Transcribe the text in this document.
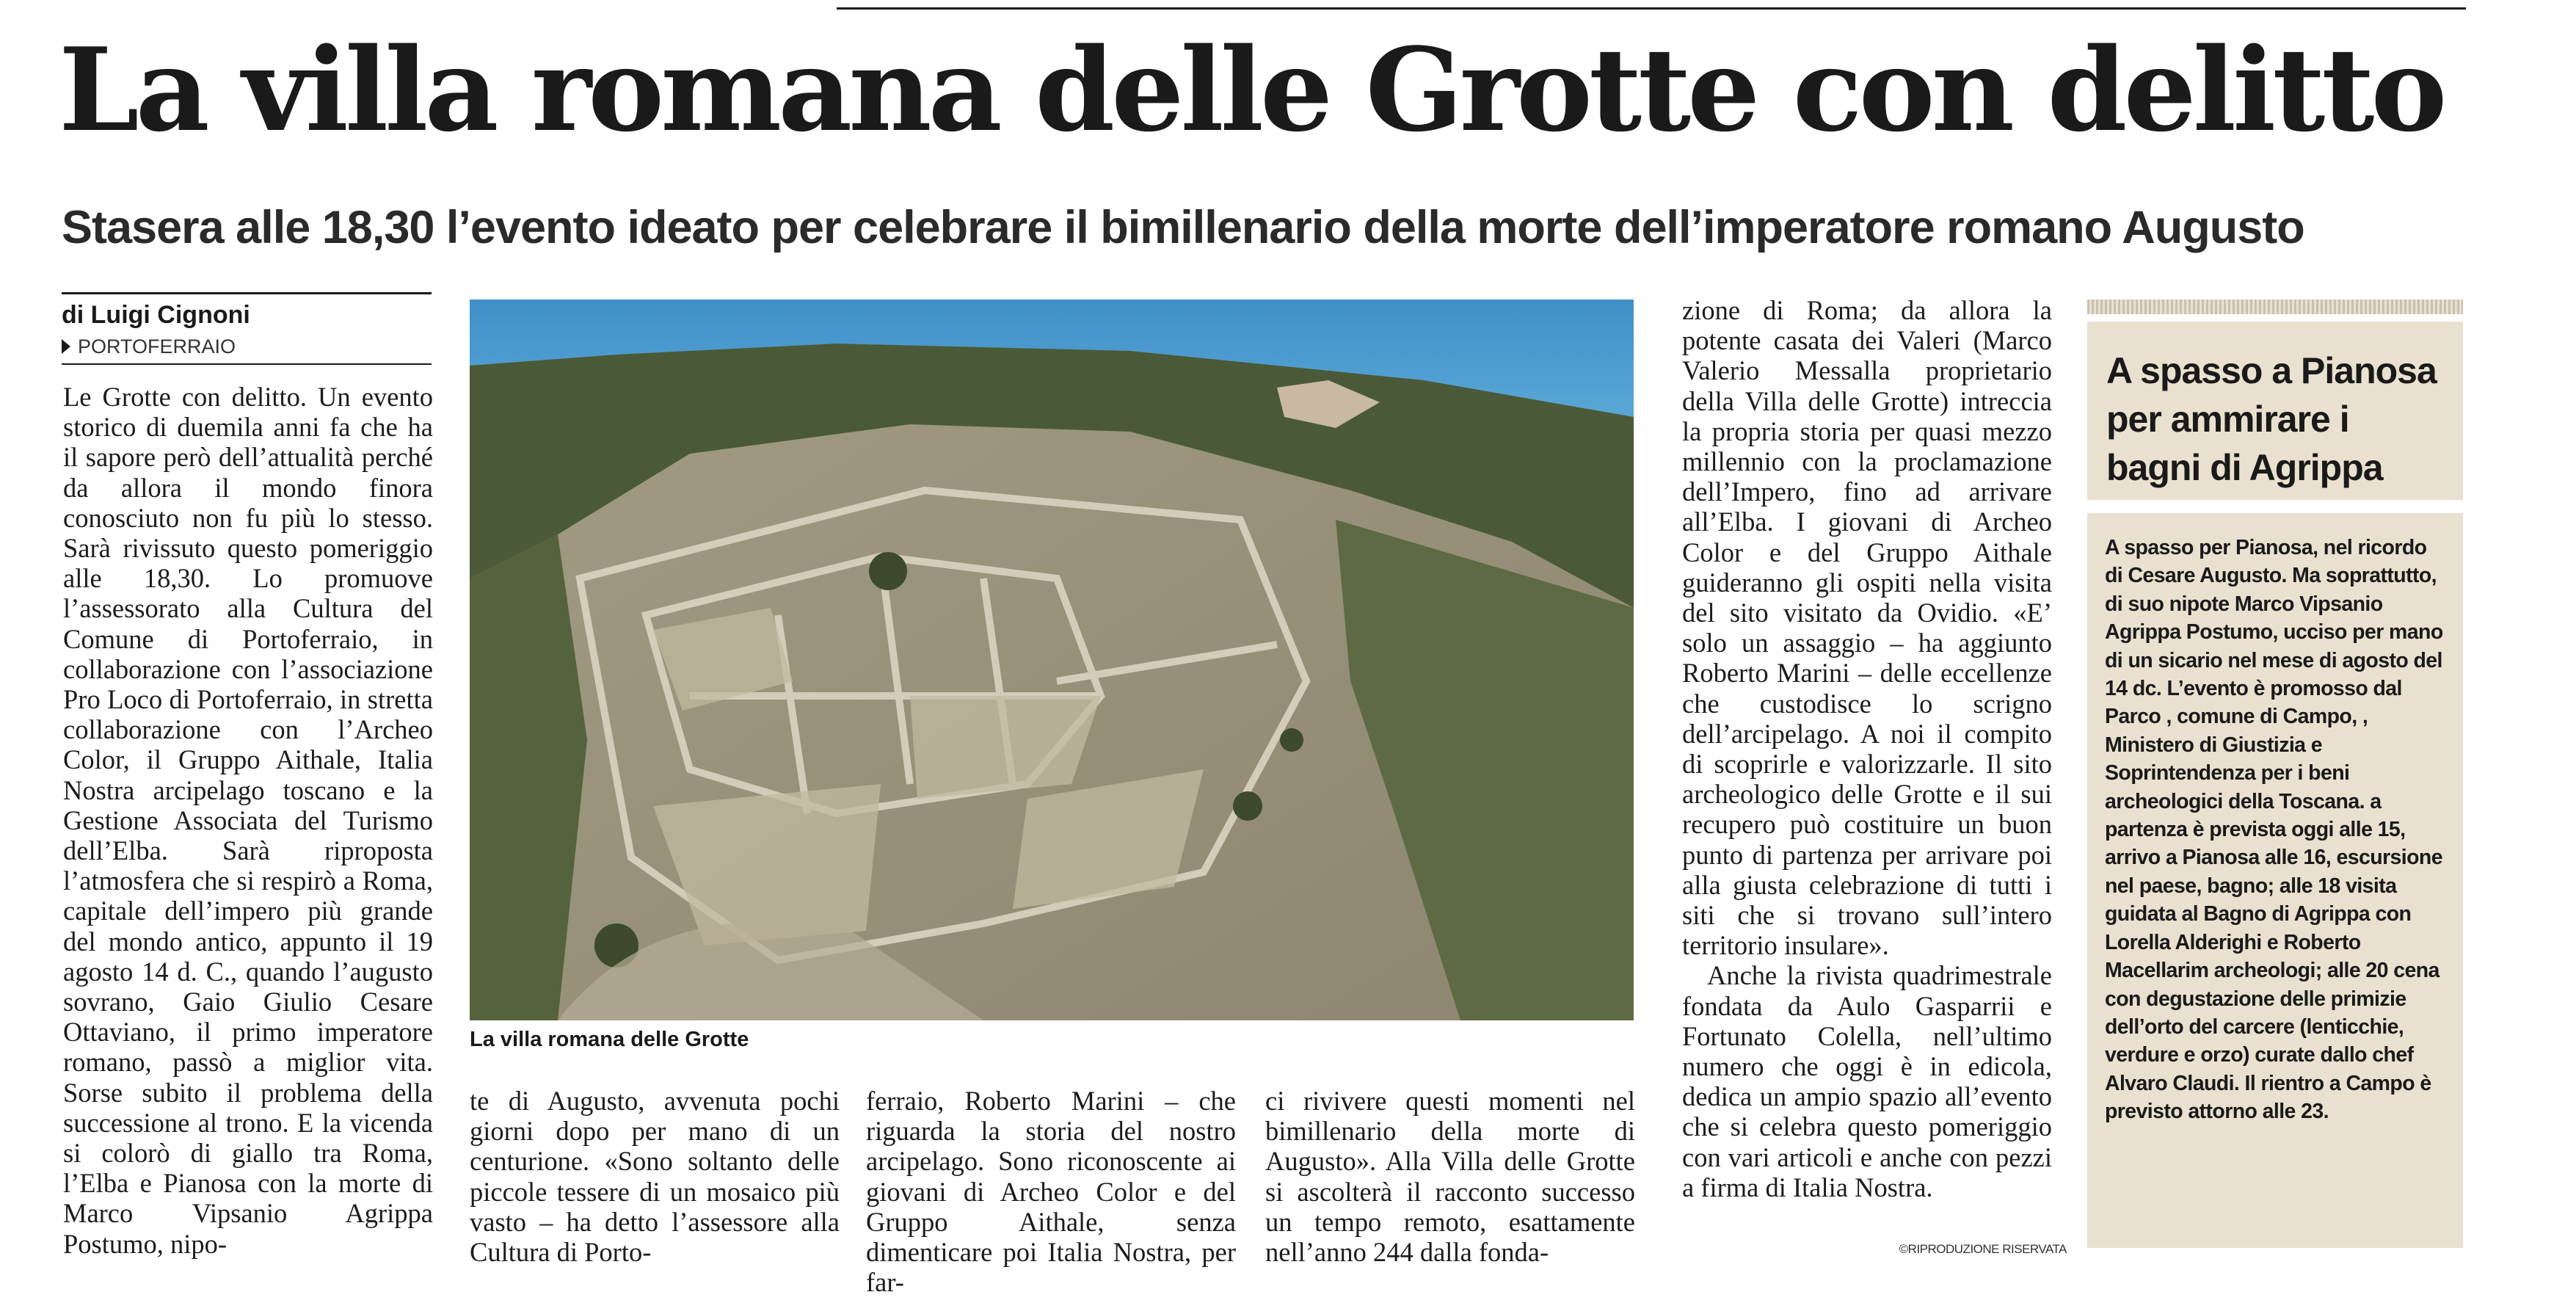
La villa romana delle Grotte con delitto
Stasera alle 18,30 l’evento ideato per celebrare il bimillenario della morte dell’imperatore romano Augusto
di Luigi Cignoni
PORTOFERRAIO

Le Grotte con delitto. Un evento storico di duemila anni fa che ha il sapore però dell’attualità perché da allora il mondo finora conosciuto non fu più lo stesso. Sarà rivissuto questo pomeriggio alle 18,30. Lo promuove l’assessorato alla Cultura del Comune di Portoferraio, in collaborazione con l’associazione Pro Loco di Portoferraio, in stretta collaborazione con l’Archeo Color, il Gruppo Aithale, Italia Nostra arcipelago toscano e la Gestione Associata del Turismo dell’Elba. Sarà riproposta l’atmosfera che si respirò a Roma, capitale dell’impero più grande del mondo antico, appunto il 19 agosto 14 d. C., quando l’augusto sovrano, Gaio Giulio Cesare Ottaviano, il primo imperatore romano, passò a miglior vita. Sorse subito il problema della successione al trono. E la vicenda si colorò di giallo tra Roma, l’Elba e Pianosa con la morte di Marco Vipsanio Agrippa Postumo, nipo-

La villa romana delle Grotte

te di Augusto, avvenuta pochi giorni dopo per mano di un centurione. «Sono soltanto delle piccole tessere di un mosaico più vasto – ha detto l’assessore alla Cultura di Porto-

ferraio, Roberto Marini – che riguarda la storia del nostro arcipelago. Sono riconoscente ai giovani di Archeo Color e del Gruppo Aithale, senza dimenticare poi Italia Nostra, per far-

ci rivivere questi momenti nel bimillenario della morte di Augusto». Alla Villa delle Grotte si ascolterà il racconto successo un tempo remoto, esattamente nell’anno 244 dalla fonda-

zione di Roma; da allora la potente casata dei Valeri (Marco Valerio Messalla proprietario della Villa delle Grotte) intreccia la propria storia per quasi mezzo millennio con la proclamazione dell’Impero, fino ad arrivare all’Elba. I giovani di Archeo Color e del Gruppo Aithale guideranno gli ospiti nella visita del sito visitato da Ovidio. «E’ solo un assaggio – ha aggiunto Roberto Marini – delle eccellenze che custodisce lo scrigno dell’arcipelago. A noi il compito di scoprirle e valorizzarle. Il sito archeologico delle Grotte e il sui recupero può costituire un buon punto di partenza per arrivare poi alla giusta celebrazione di tutti i siti che si trovano sull’intero territorio insulare».

Anche la rivista quadrimestrale fondata da Aulo Gasparrii e Fortunato Colella, nell’ultimo numero che oggi è in edicola, dedica un ampio spazio all’evento che si celebra questo pomeriggio con vari articoli e anche con pezzi a firma di Italia Nostra.

©RIPRODUZIONE RISERVATA
A spasso a Pianosa per ammirare i bagni di Agrippa
A spasso per Pianosa, nel ricordo di Cesare Augusto. Ma soprattutto, di suo nipote Marco Vipsanio Agrippa Postumo, ucciso per mano di un sicario nel mese di agosto del 14 dc. L’evento è promosso dal Parco , comune di Campo, , Ministero di Giustizia e Soprintendenza per i beni archeologici della Toscana. a partenza è prevista oggi alle 15, arrivo a Pianosa alle 16, escursione nel paese, bagno; alle 18 visita guidata al Bagno di Agrippa con Lorella Alderighi e Roberto Macellarim archeologi; alle 20 cena con degustazione delle primizie dell’orto del carcere (lenticchie, verdure e orzo) curate dallo chef Alvaro Claudi. Il rientro a Campo è previsto attorno alle 23.
